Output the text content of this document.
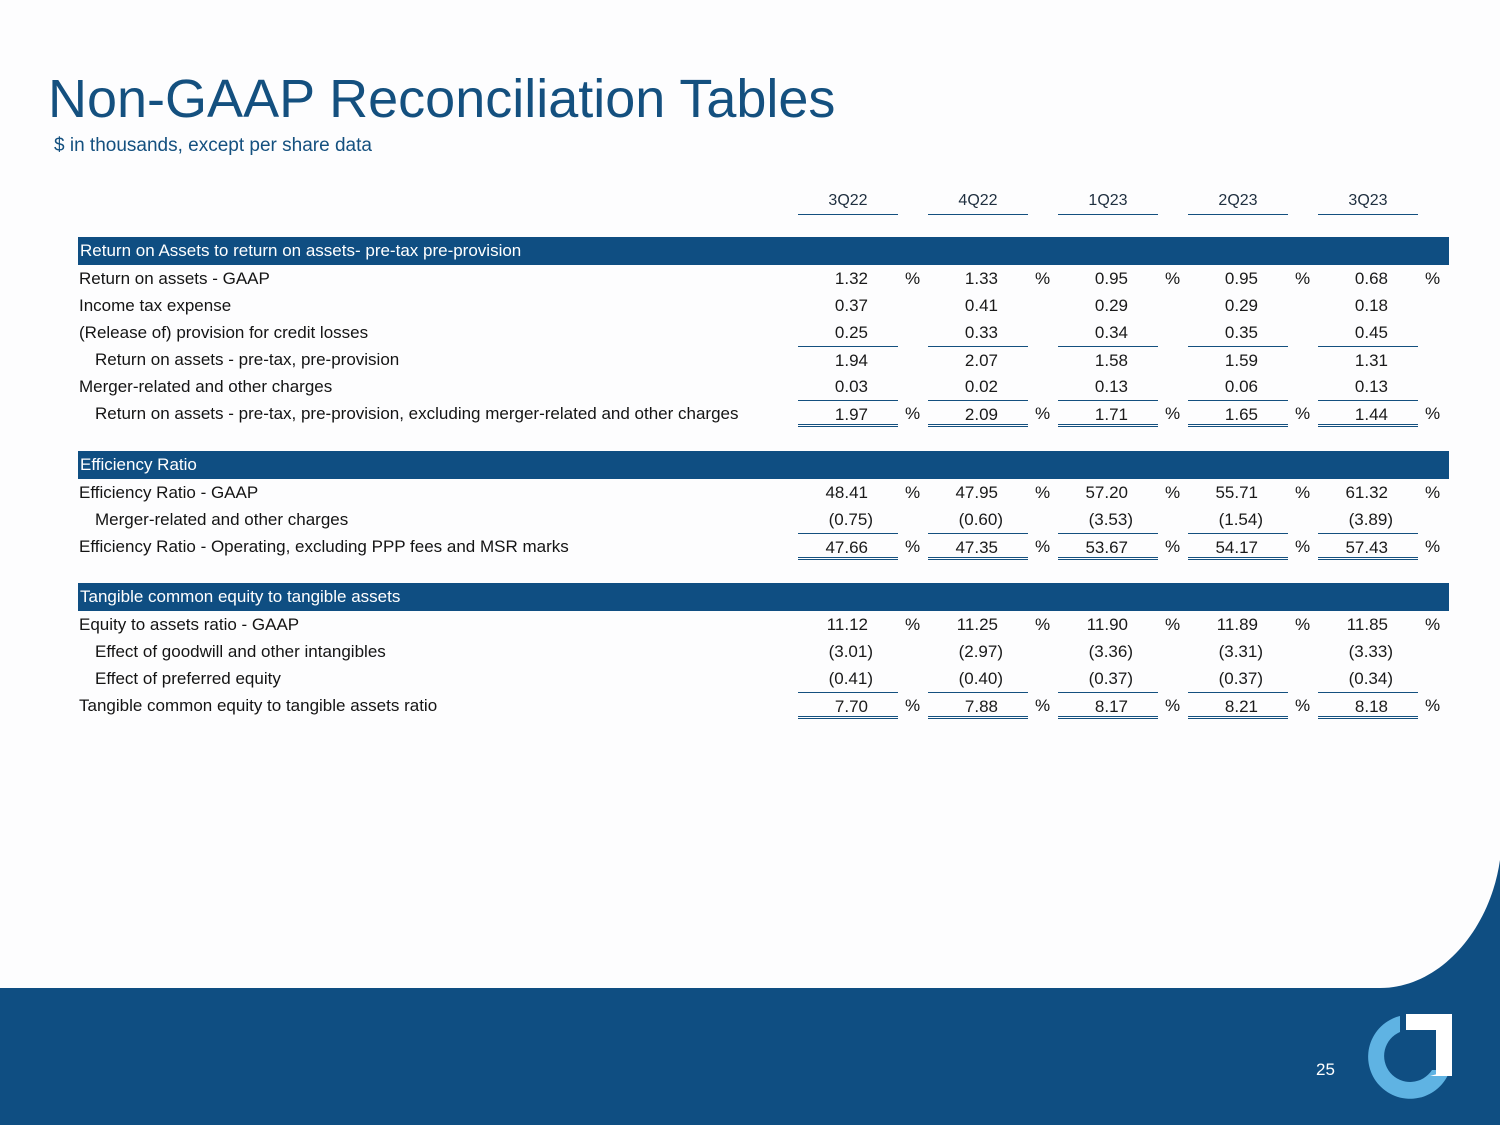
Non-GAAP Reconciliation Tables
$ in thousands, except per share data
3Q22	4Q22	1Q23	2Q23	3Q23
Return on Assets to return on assets- pre-tax pre-provision
Return on assets - GAAP	1.32 %	1.33 %	0.95 %	0.95 %	0.68 %
Income tax expense	0.37	0.41	0.29	0.29	0.18
(Release of) provision for credit losses	0.25	0.33	0.34	0.35	0.45
Return on assets - pre-tax, pre-provision	1.94	2.07	1.58	1.59	1.31
Merger-related and other charges	0.03	0.02	0.13	0.06	0.13
Return on assets - pre-tax, pre-provision, excluding merger-related and other charges	1.97 %	2.09 %	1.71 %	1.65 %	1.44 %
Efficiency Ratio
Efficiency Ratio - GAAP	48.41 % 47.95 % 57.20 % 55.71 % 61.32 %
Merger-related and other charges	(0.75)	(0.60)	(3.53)	(1.54)	(3.89)
Efficiency Ratio - Operating, excluding PPP fees and MSR marks	47.66 % 47.35 % 53.67 % 54.17 % 57.43 %
Tangible common equity to tangible assets
Equity to assets ratio - GAAP	11.12 % 11.25 % 11.90 % 11.89 % 11.85 %
Effect of goodwill and other intangibles	(3.01)	(2.97)	(3.36)	(3.31)	(3.33)
Effect of preferred equity	(0.41)	(0.40)	(0.37)	(0.37)	(0.34)
Tangible common equity to tangible assets ratio	7.70 %	7.88 %	8.17 %	8.21 %	8.18 %
25
